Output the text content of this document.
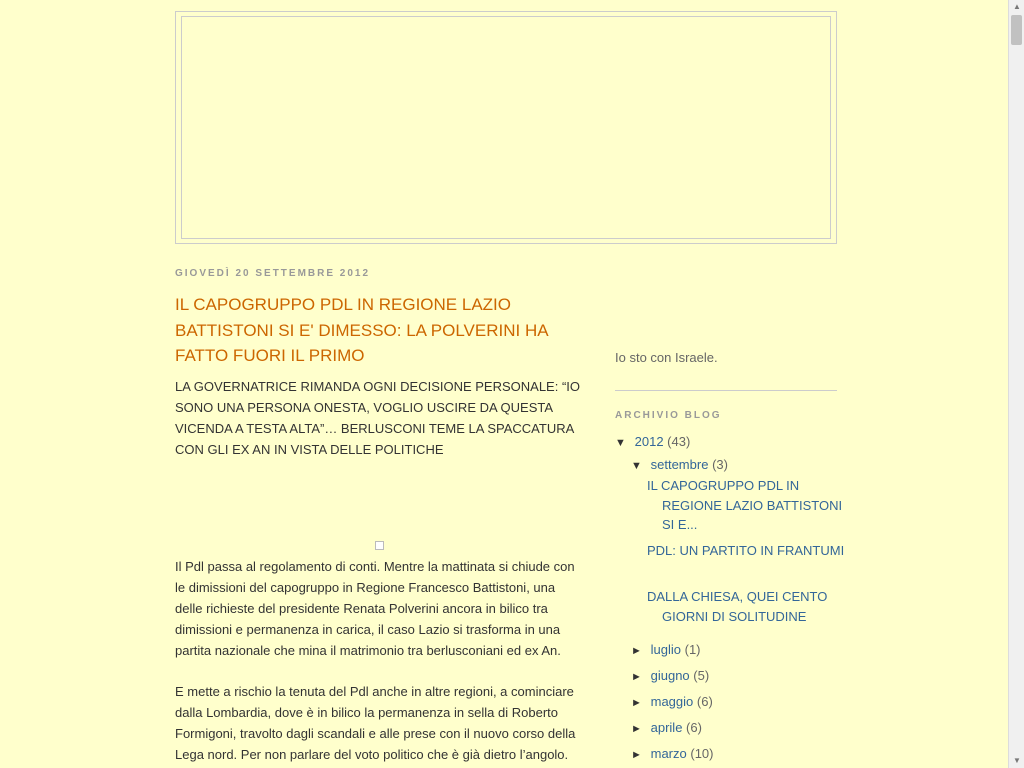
GIOVEDÌ 20 SETTEMBRE 2012
IL CAPOGRUPPO PDL IN REGIONE LAZIO BATTISTONI SI E' DIMESSO: LA POLVERINI HA FATTO FUORI IL PRIMO

LA GOVERNATRICE RIMANDA OGNI DECISIONE PERSONALE: “IO SONO UNA PERSONA ONESTA, VOGLIO USCIRE DA QUESTA VICENDA A TESTA ALTA”… BERLUSCONI TEME LA SPACCATURA CON GLI EX AN IN VISTA DELLE POLITICHE

Il Pdl passa al regolamento di conti. Mentre la mattinata si chiude con le dimissioni del capogruppo in Regione Francesco Battistoni, una delle richieste del presidente Renata Polverini ancora in bilico tra dimissioni e permanenza in carica, il caso Lazio si trasforma in una partita nazionale che mina il matrimonio tra berlusconiani ed ex An.

E mette a rischio la tenuta del Pdl anche in altre regioni, a cominciare dalla Lombardia, dove è in bilico la permanenza in sella di Roberto Formigoni, travolto dagli scandali e alle prese con il nuovo corso della Lega nord. Per non parlare del voto politico che è già dietro l’angolo.

Io sto con Israele.

ARCHIVIO BLOG
▼ 2012 (43)
▼ settembre (3)
IL CAPOGRUPPO PDL IN REGIONE LAZIO BATTISTONI SI E...
PDL: UN PARTITO IN FRANTUMI
DALLA CHIESA, QUEI CENTO GIORNI DI SOLITUDINE
► luglio (1)
► giugno (5)
► maggio (6)
► aprile (6)
► marzo (10)
▲
▼
